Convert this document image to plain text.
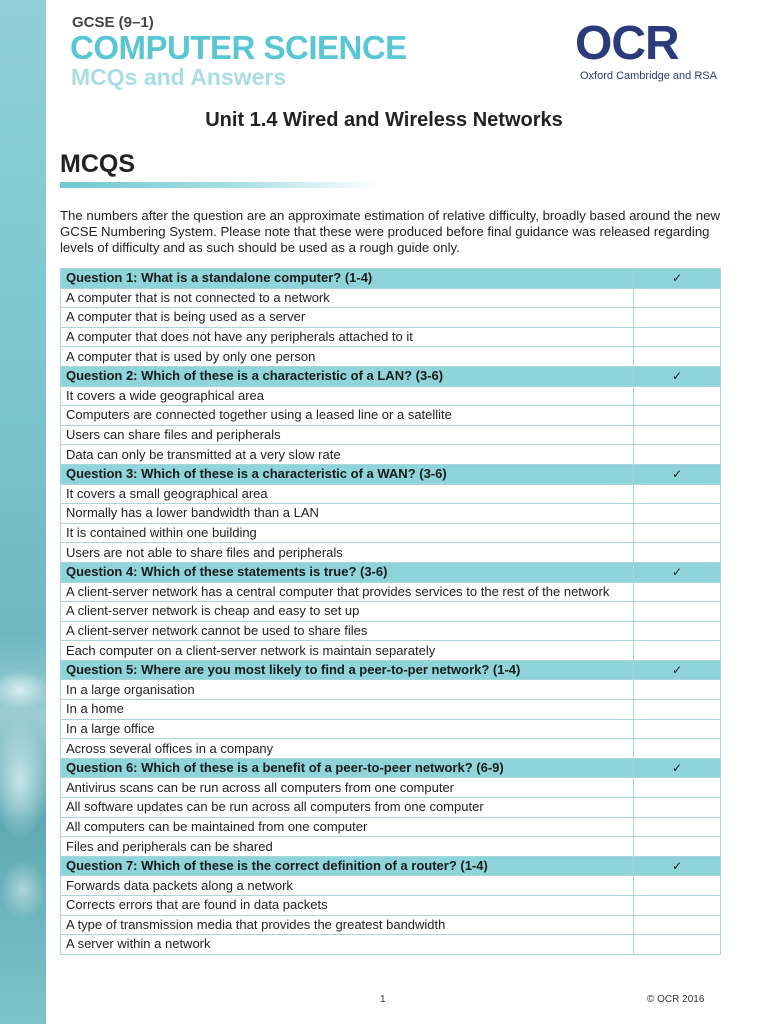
GCSE (9–1)
COMPUTER SCIENCE
MCQs and Answers
OCR
Oxford Cambridge and RSA
Unit 1.4 Wired and Wireless Networks
MCQS
The numbers after the question are an approximate estimation of relative difficulty, broadly based around the new GCSE Numbering System. Please note that these were produced before final guidance was released regarding levels of difficulty and as such should be used as a rough guide only.
Question 1: What is a standalone computer? (1-4)	✓
A computer that is not connected to a network	
A computer that is being used as a server	
A computer that does not have any peripherals attached to it	
A computer that is used by only one person	
Question 2: Which of these is a characteristic of a LAN? (3-6)	✓
It covers a wide geographical area	
Computers are connected together using a leased line or a satellite	
Users can share files and peripherals	
Data can only be transmitted at a very slow rate	
Question 3: Which of these is a characteristic of a WAN? (3-6)	✓
It covers a small geographical area	
Normally has a lower bandwidth than a LAN	
It is contained within one building	
Users are not able to share files and peripherals	
Question 4: Which of these statements is true? (3-6)	✓
A client-server network has a central computer that provides services to the rest of the network	
A client-server network is cheap and easy to set up	
A client-server network cannot be used to share files	
Each computer on a client-server network is maintain separately	
Question 5: Where are you most likely to find a peer-to-per network? (1-4)	✓
In a large organisation	
In a home	
In a large office	
Across several offices in a company	
Question 6: Which of these is a benefit of a peer-to-peer network? (6-9)	✓
Antivirus scans can be run across all computers from one computer	
All software updates can be run across all computers from one computer	
All computers can be maintained from one computer	
Files and peripherals can be shared	
Question 7: Which of these is the correct definition of a router? (1-4)	✓
Forwards data packets along a network	
Corrects errors that are found in data packets	
A type of transmission media that provides the greatest bandwidth	
A server within a network	
1	© OCR 2016
